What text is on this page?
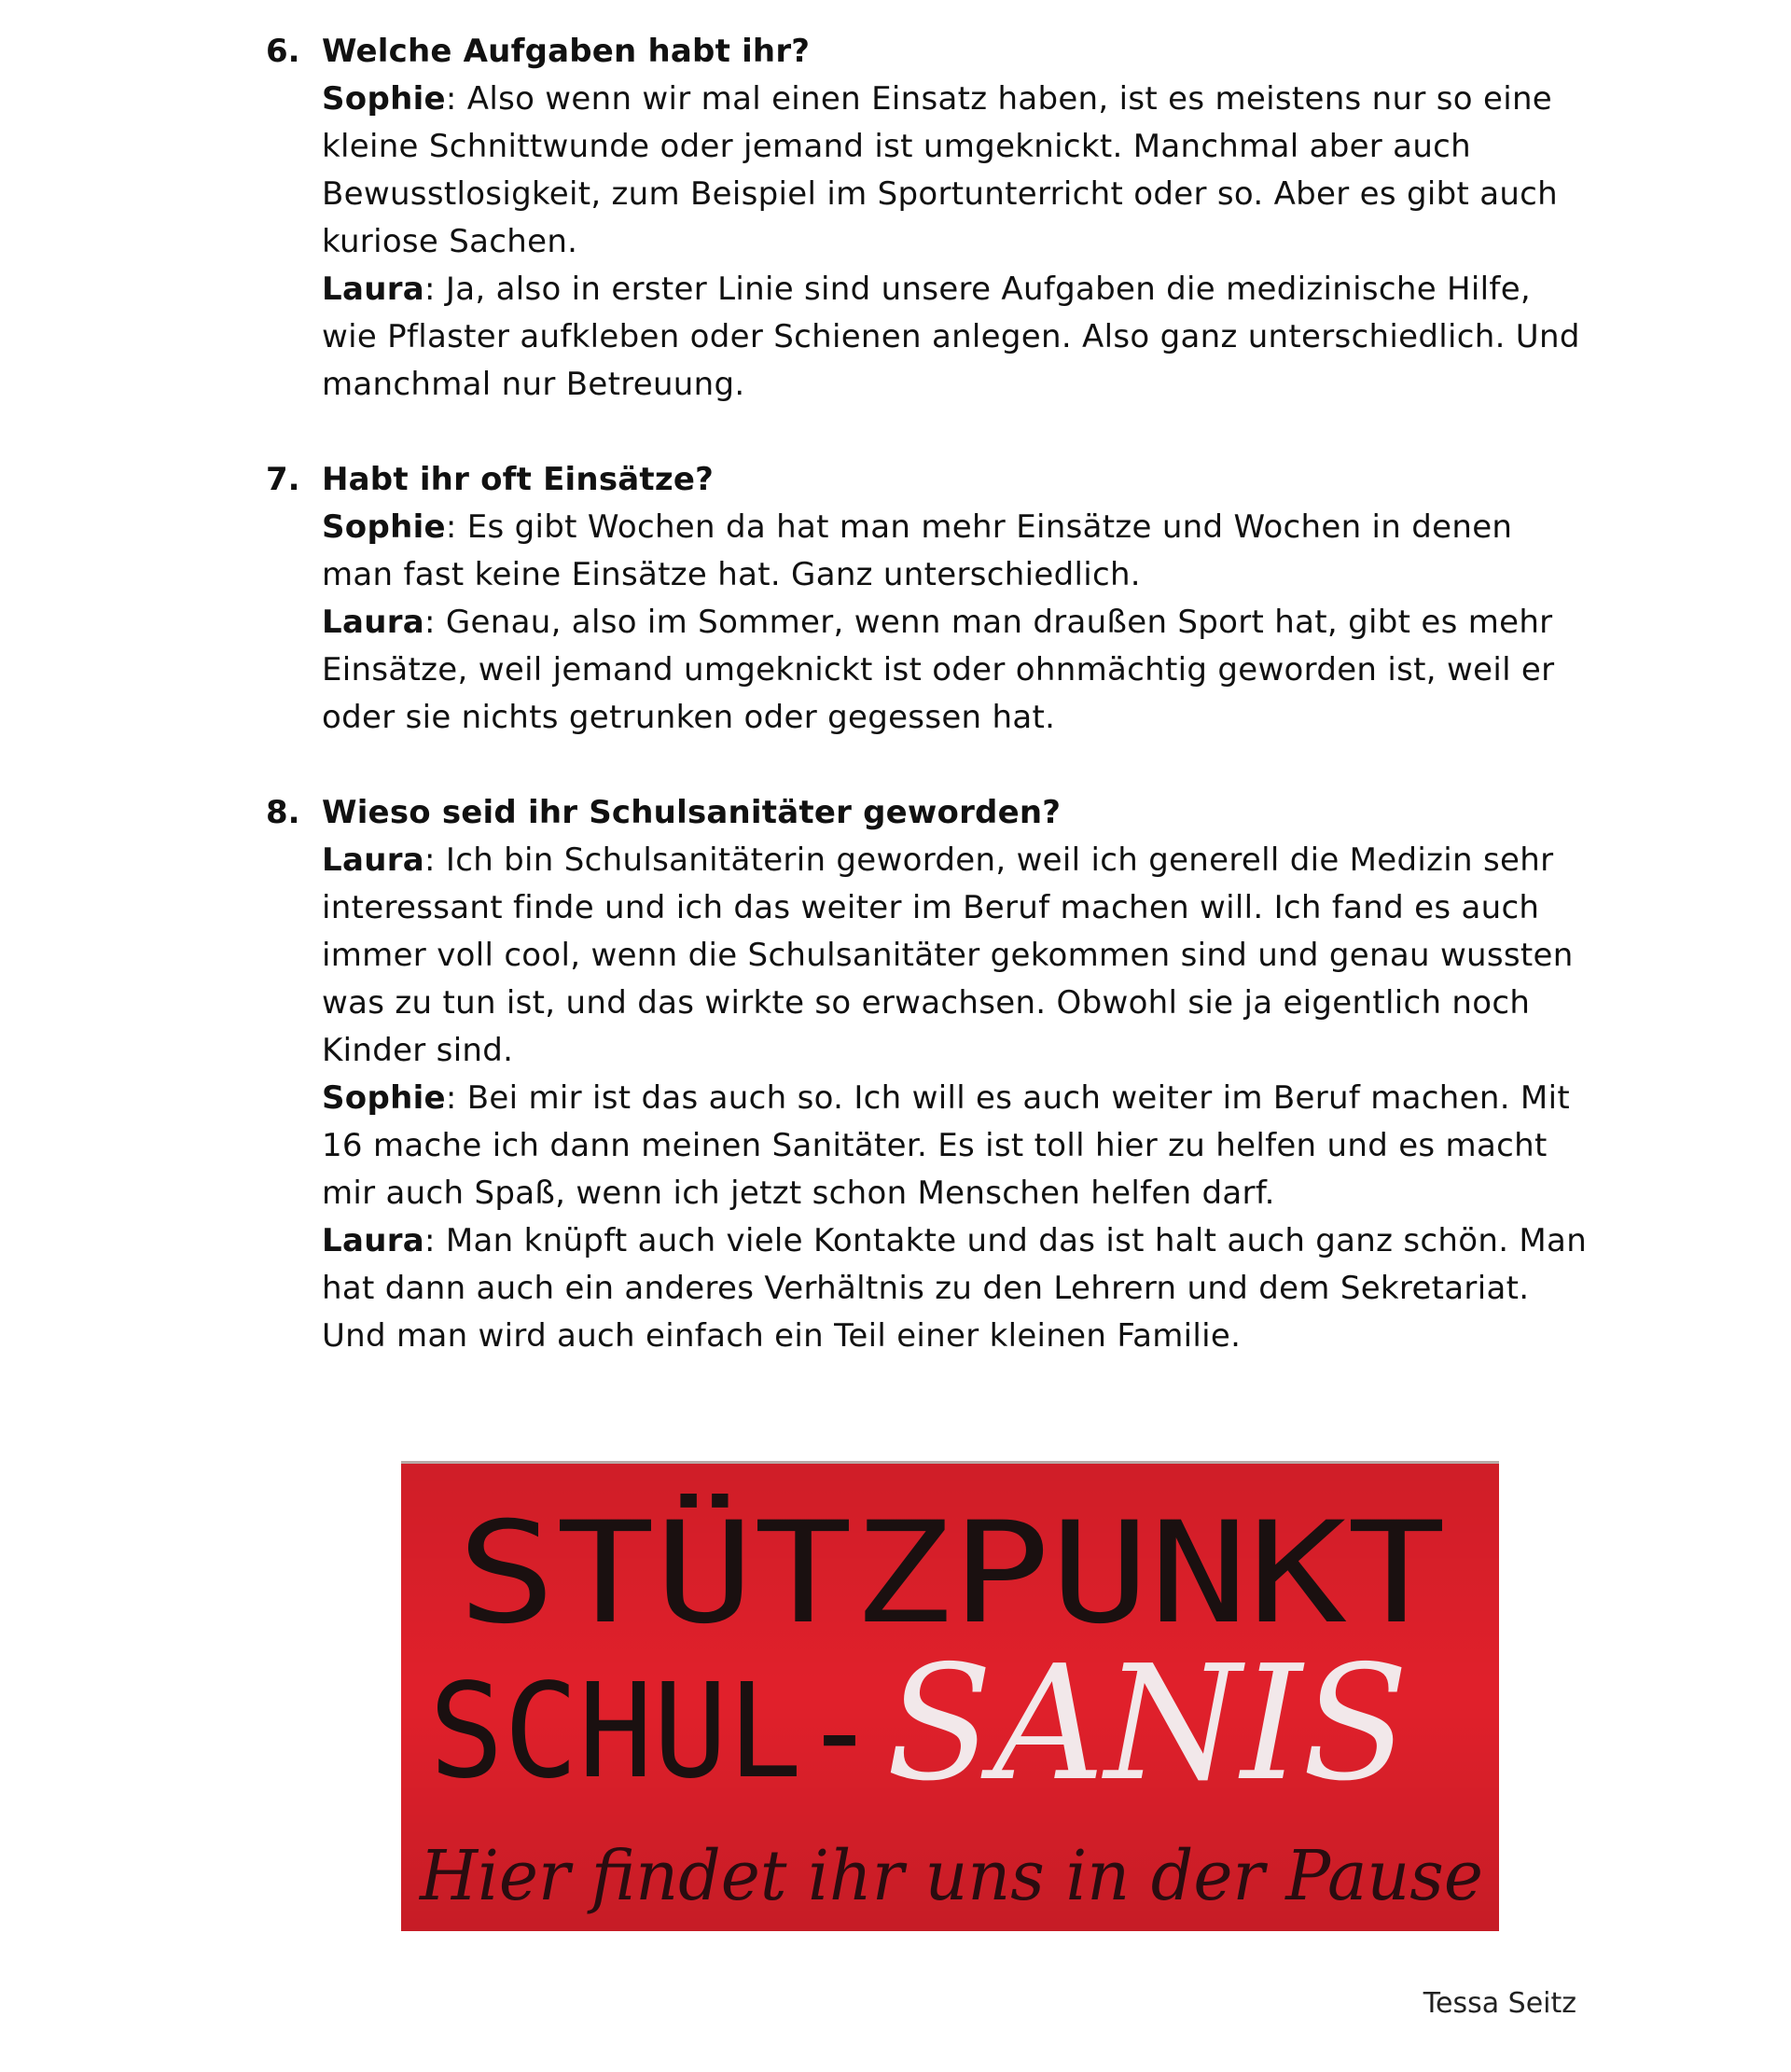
6. Welche Aufgaben habt ihr?

Sophie: Also wenn wir mal einen Einsatz haben, ist es meistens nur so eine kleine Schnittwunde oder jemand ist umgeknickt. Manchmal aber auch Bewusstlosigkeit, zum Beispiel im Sportunterricht oder so. Aber es gibt auch kuriose Sachen.

Laura: Ja, also in erster Linie sind unsere Aufgaben die medizinische Hilfe, wie Pflaster aufkleben oder Schienen anlegen. Also ganz unterschiedlich. Und manchmal nur Betreuung.

7. Habt ihr oft Einsätze?

Sophie: Es gibt Wochen da hat man mehr Einsätze und Wochen in denen man fast keine Einsätze hat. Ganz unterschiedlich.

Laura: Genau, also im Sommer, wenn man draußen Sport hat, gibt es mehr Einsätze, weil jemand umgeknickt ist oder ohnmächtig geworden ist, weil er oder sie nichts getrunken oder gegessen hat.

8. Wieso seid ihr Schulsanitäter geworden?

Laura: Ich bin Schulsanitäterin geworden, weil ich generell die Medizin sehr interessant finde und ich das weiter im Beruf machen will. Ich fand es auch immer voll cool, wenn die Schulsanitäter gekommen sind und genau wussten was zu tun ist, und das wirkte so erwachsen. Obwohl sie ja eigentlich noch Kinder sind.

Sophie: Bei mir ist das auch so. Ich will es auch weiter im Beruf machen. Mit 16 mache ich dann meinen Sanitäter. Es ist toll hier zu helfen und es macht mir auch Spaß, wenn ich jetzt schon Menschen helfen darf.

Laura: Man knüpft auch viele Kontakte und das ist halt auch ganz schön. Man hat dann auch ein anderes Verhältnis zu den Lehrern und dem Sekretariat. Und man wird auch einfach ein Teil einer kleinen Familie.

STÜTZPUNKT
SCHUL- SANIS
Hier findet ihr uns in der Pause
Tessa Seitz
